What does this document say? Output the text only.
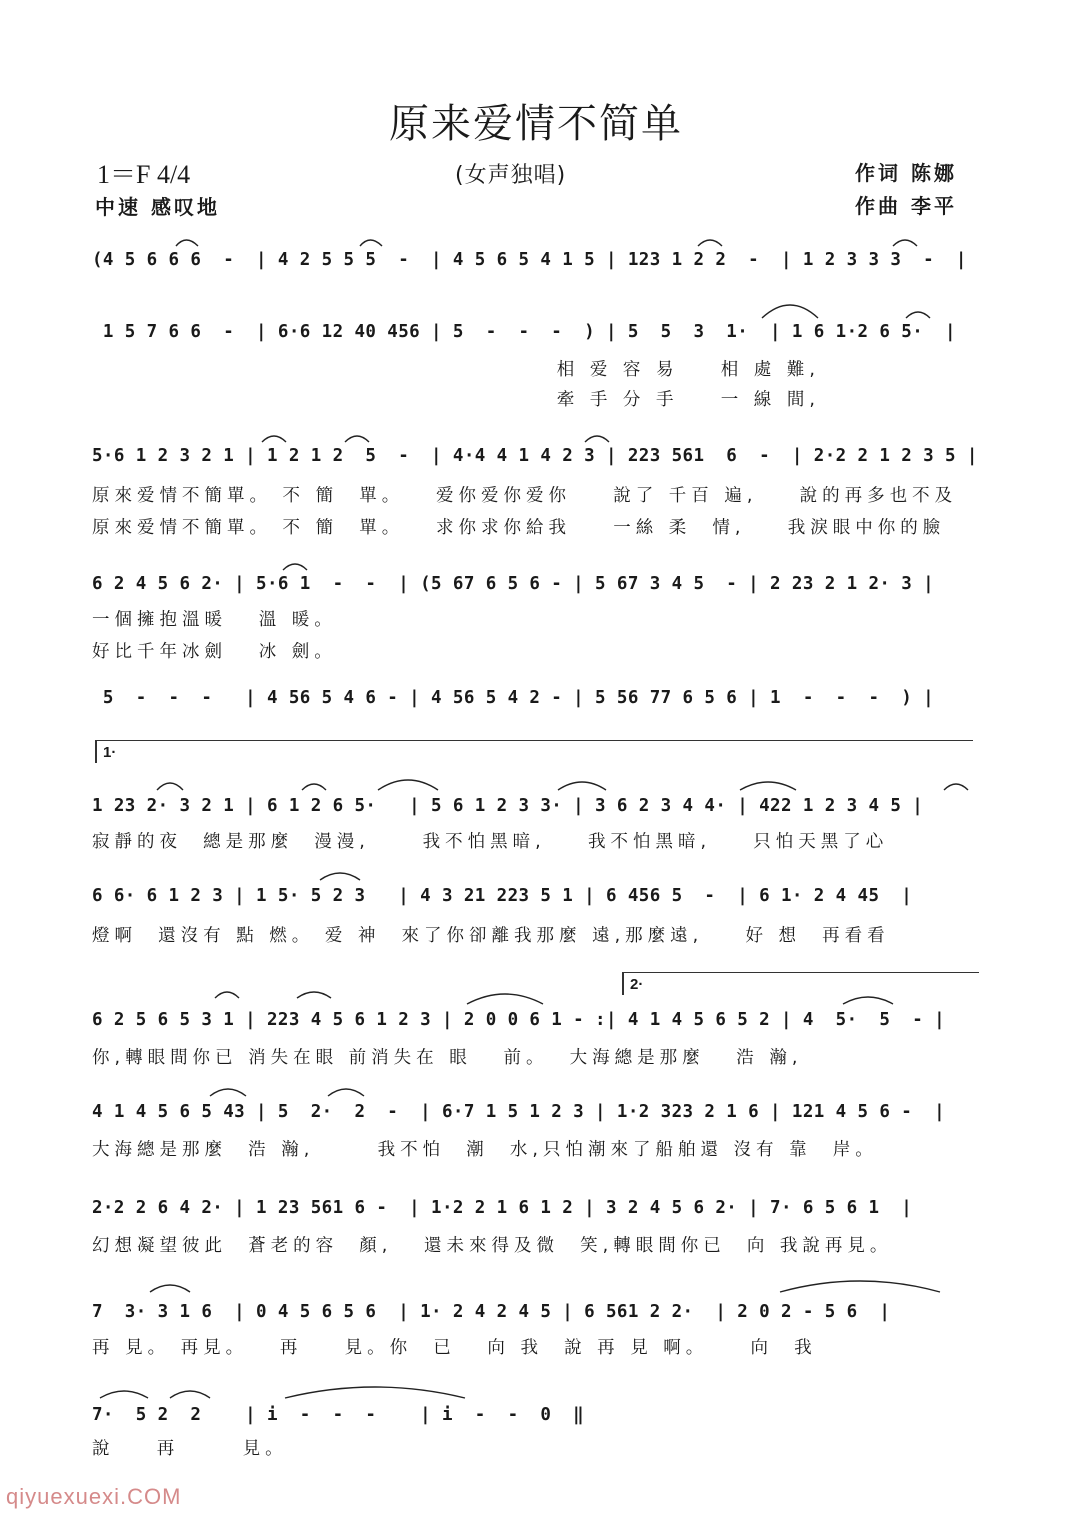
原来爱情不简单
1＝F 4/4
中速 感叹地
(女声独唱)	作词 陈娜
作曲 李平
(4 5 6 6 6  -  | 4 2 5 5 5  -  | 4 5 6 5 4 1 5 | 123 1 2 2  -  | 1 2 3 3 3  -  |
1 5 7 6 6  -  | 6·6 12 40 456 | 5  -  -  -  ) | 5  5  3  1·  | 1 6 1·2 6 5·  |
相 爱 容 易    相 處 難,
牽 手 分 手    一 線 間,
5·6 1 2 3 2 1 | 1 2 1 2  5  -  | 4·4 4 1 4 2 3 | 223 561  6  -  | 2·2 2 1 2 3 5 |
原來爱情不簡單。 不 簡  單。   爱你爱你爱你    說了 千百 遍,    說的再多也不及
原來爱情不簡單。 不 簡  單。   求你求你給我    一絲 柔  情,    我淚眼中你的臉
6 2 4 5 6 2· | 5·6 1  -  -  | (5 67 6 5 6 - | 5 67 3 4 5  - | 2 23 2 1 2· 3 |
一個擁抱溫暖   溫 暖。
好比千年冰劍   冰 劍。
5  -  -  -   | 4 56 5 4 6 - | 4 56 5 4 2 - | 5 56 77 6 5 6 | 1  -  -  -  ) |
1·
1 23 2· 3 2 1 | 6 1 2 6 5·   | 5 6 1 2 3 3· | 3 6 2 3 4 4· | 422 1 2 3 4 5 |
寂靜的夜  總是那麼  漫漫,     我不怕黑暗,    我不怕黑暗,    只怕天黑了心
6 6· 6 1 2 3 | 1 5· 5 2 3   | 4 3 21 223 5 1 | 6 456 5  -  | 6 1· 2 4 45  |
燈啊  還沒有 點 燃。 爱 神  來了你卻離我那麼 遠,那麼遠,    好 想  再看看
2·
6 2 5 6 5 3 1 | 223 4 5 6 1 2 3 | 2 0 0 6 1 - :| 4 1 4 5 6 5 2 | 4  5·  5  - |
你,轉眼間你已 消失在眼 前消失在 眼   前。  大海總是那麼   浩 瀚,
4 1 4 5 6 5 43 | 5  2·  2  -  | 6·7 1 5 1 2 3 | 1·2 323 2 1 6 | 121 4 5 6 -  |
大海總是那麼  浩 瀚,      我不怕  潮  水,只怕潮來了船舶還 沒有 靠  岸。
2·2 2 6 4 2· | 1 23 561 6 -  | 1·2 2 1 6 1 2 | 3 2 4 5 6 2· | 7· 6 5 6 1  |
幻想凝望彼此  蒼老的容  顏,   還未來得及微  笑,轉眼間你已  向 我說再見。
7  3· 3 1 6  | 0 4 5 6 5 6  | 1· 2 4 2 4 5 | 6 561 2 2·  | 2 0 2 - 5 6  |
再 見。 再見。   再    見。你  已   向 我  說 再 見 啊。    向  我
7·  5 2  2    | i  -  -  -    | i  -  -  0  ‖
說    再      見。
qiyuexuexi.COM
